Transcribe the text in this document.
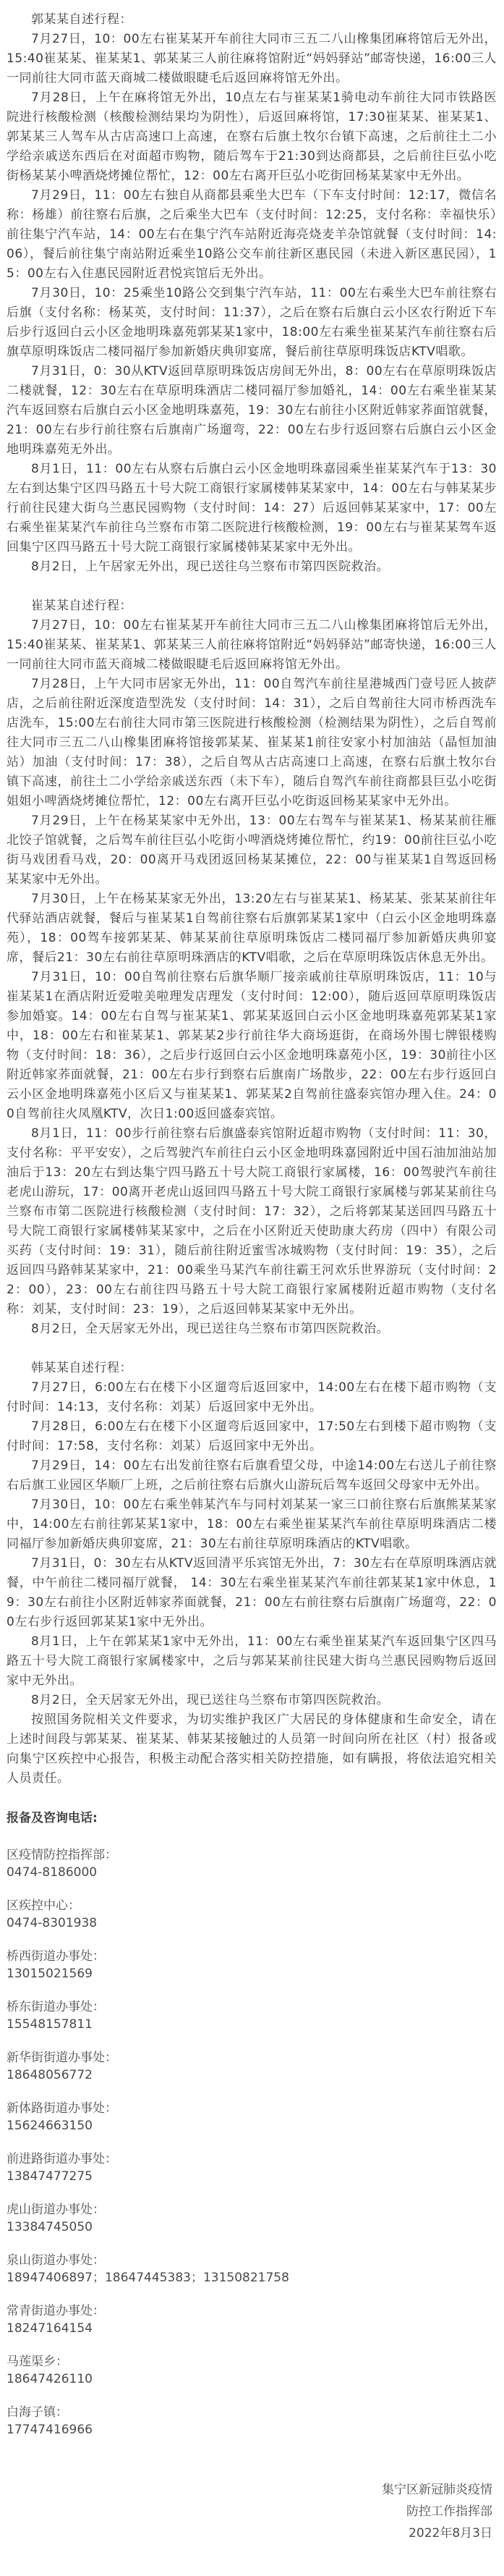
郭某某自述行程：

7月27日，10：00左右崔某某开车前往大同市三五二八山橡集团麻将馆后无外出，15:40崔某某、崔某某1、郭某某三人前往麻将馆附近“妈妈驿站”邮寄快递，16:00三人一同前往大同市蓝天商城二楼做眼睫毛后返回麻将馆无外出。

7月28日，上午在麻将馆无外出，10点左右与崔某某1骑电动车前往大同市铁路医院进行核酸检测（核酸检测结果均为阴性），后返回麻将馆，17:30崔某某、崔某某1、郭某某三人驾车从古店高速口上高速，在察右后旗土牧尔台镇下高速，之后前往土二小学给亲戚送东西后在对面超市购物，随后驾车于21:30到达商都县，之后前往巨弘小吃街杨某某小啤酒烧烤摊位帮忙，12：00左右离开巨弘小吃街回杨某某家中无外出。

7月29日，11：00左右独自从商都县乘坐大巴车（下车支付时间：12:17，微信名称：杨雄）前往察右后旗，之后乘坐大巴车（支付时间：12:25，支付名称：幸福快乐）前往集宁汽车站，14：00左右在集宁汽车站附近海亮烧麦羊杂馆就餐（支付时间：14:06），餐后前往集宁南站附近乘坐10路公交车前往新区惠民园（未进入新区惠民园），15：00左右入住惠民园附近君悦宾馆后无外出。

7月30日，10：25乘坐10路公交到集宁汽车站，11：00左右乘坐大巴车前往察右后旗（支付名称：杨某英，支付时间：11:37），之后在察右后旗白云小区农行附近下车后步行返回白云小区金地明珠嘉苑郭某某1家中，18:00左右乘坐崔某某汽车前往察右后旗草原明珠饭店二楼同福厅参加新婚庆典卯宴席，餐后前往草原明珠饭店KTV唱歌。

7月31日，0：30从KTV返回草原明珠饭店房间无外出，8：00左右在草原明珠饭店二楼就餐，12：30左右在草原明珠酒店二楼同福厅参加婚礼，14：00左右乘坐崔某某汽车返回察右后旗白云小区金地明珠嘉苑，19：30左右前往小区附近韩家荞面馆就餐，21：00左右步行前往察右后旗南广场遛弯，22：00左右步行返回察右后旗白云小区金地明珠嘉苑无外出。

8月1日，11：00左右从察右后旗白云小区金地明珠嘉园乘坐崔某某汽车于13：30左右到达集宁区四马路五十号大院工商银行家属楼韩某某家中，14：00左右与韩某某步行前往民建大街乌兰惠民园购物（支付时间：14：27）后返回韩某某家中，17：00左右乘坐崔某某汽车前往乌兰察布市第二医院进行核酸检测，19：00左右与崔某某驾车返回集宁区四马路五十号大院工商银行家属楼韩某某家中无外出。

8月2日，上午居家无外出，现已送往乌兰察布市第四医院救治。

崔某某自述行程：

7月27日，10：00左右崔某某开车前往大同市三五二八山橡集团麻将馆后无外出，15:40崔某某、崔某某1、郭某某三人前往麻将馆附近“妈妈驿站”邮寄快递，16:00三人一同前往大同市蓝天商城二楼做眼睫毛后返回麻将馆无外出。

7月28日，上午大同市居家无外出，11：00自驾汽车前往星港城西门壹号匠人披萨店，之后前往附近深度造型洗发（支付时间：14：31），之后自驾前往大同市桥西洗车店洗车，15:00左右前往大同市第三医院进行核酸检测（检测结果为阴性），之后自驾前往大同市三五二八山橡集团麻将馆接郭某某、崔某某1前往安家小村加油站（晶恒加油站）加油（支付时间：17：38），之后自驾从古店高速口上高速，在察右后旗土牧尔台镇下高速，前往土二小学给亲戚送东西（未下车），随后自驾汽车前往商都县巨弘小吃街姐姐小啤酒烧烤摊位帮忙，12：00左右离开巨弘小吃街返回杨某某家中无外出。

7月29日，上午在杨某某家中无外出，13：00左右驾车与崔某某1、杨某某前往雁北饺子馆就餐，之后驾车前往巨弘小吃街小啤酒烧烤摊位帮忙，约19：00前往巨弘小吃街马戏团看马戏，20：00离开马戏团返回杨某某摊位，22：00与崔某某1自驾返回杨某某家中无外出。

7月30日，上午在杨某某家无外出，13:20左右与崔某某1、杨某某、张某某前往年代驿站酒店就餐，餐后与崔某某1自驾前往察右后旗郭某某1家中（白云小区金地明珠嘉苑），18：00驾车接郭某某、韩某某前往草原明珠饭店二楼同福厅参加新婚庆典卯宴席，餐后21：30左右前往草原明珠酒店的KTV唱歌，之后在草原明珠饭店休息无外出。

7月31日，10：00自驾前往察右后旗华顺厂接亲戚前往草原明珠饭店，11：10与崔某某1在酒店附近爱啦美啦理发店理发（支付时间：12:00），随后返回草原明珠饭店参加婚宴。14：00左右自驾与崔某某1、郭某某返回白云小区金地明珠嘉苑郭某某1家中，18：00左右和崔某某1、郭某某2步行前往华大商场逛街，在商场外围七牌银楼购物（支付时间：18：36），之后步行返回白云小区金地明珠嘉苑小区，19：30前往小区附近韩家荞面就餐，21：00左右步行到察右后旗南广场散步，22：00左右步行返回白云小区金地明珠嘉苑小区后又与崔某某1、郭某某2自驾前往盛泰宾馆办理入住。24：00自驾前往火凤凰KTV，次日1:00返回盛泰宾馆。

8月1日，11：00步行前往察右后旗盛泰宾馆附近超市购物（支付时间：11：30，支付名称：平平安安），之后驾驶汽车前往白云小区金地明珠嘉园附近中国石油加油站加油后于13：20左右到达集宁四马路五十号大院工商银行家属楼，16：00驾驶汽车前往老虎山游玩，17：00离开老虎山返回四马路五十号大院工商银行家属楼与郭某某前往乌兰察布市第二医院进行核酸检测（支付时间：17：32），之后将郭某某送回四马路五十号大院工商银行家属楼韩某某家中，之后在小区附近天使助康大药房（四中）有限公司买药（支付时间：19：31），随后前往附近蜜雪冰城购物（支付时间：19：35），之后返回四马路韩某某家中，21：00乘坐马某汽车前往霸王河欢乐世界游玩（支付时间：22：00），23：00左右前往四马路五十号大院工商银行家属楼附近超市购物（支付名称：刘某，支付时间：23：19），之后返回韩某某家中无外出。

8月2日，全天居家无外出，现已送往乌兰察布市第四医院救治。

韩某某自述行程：

7月27日，6:00左右在楼下小区遛弯后返回家中，14:00左右在楼下超市购物（支付时间：14:13，支付名称：刘某）后返回家中无外出。

7月28日，6:00左右在楼下小区遛弯后返回家中，17:50左右到楼下超市购物（支付时间：17:58，支付名称：刘某）后返回家中无外出。

7月29日，14：00左右出发前往察右后旗看望父母，中途14:00左右送儿子前往察右后旗工业园区华顺厂上班，之后前往察右后旗火山游玩后驾车返回父母家中无外出。

7月30日，10：00左右乘坐韩某汽车与同村刘某某一家三口前往察右后旗熊某某家中，14:00左右前往郭某某1家中，18：00左右乘坐崔某某汽车前往草原明珠酒店二楼同福厅参加新婚庆典卯宴席，21：30左右前往草原明珠酒店的KTV唱歌。

7月31日，0：30左右从KTV返回清平乐宾馆无外出，7：30左右在草原明珠酒店就餐，中午前往二楼同福厅就餐， 14：30左右乘坐崔某某汽车前往郭某某1家中休息，19：30左右前往小区附近韩家荞面就餐，21：00左右前往察右后旗南广场遛弯，22：00左右步行返回郭某某1家中无外出。

8月1日，上午在郭某某1家中无外出，11：00左右乘坐崔某某汽车返回集宁区四马路五十号大院工商银行家属楼家中，之后与郭某某前往民建大街乌兰惠民园购物后返回家中无外出。

8月2日，全天居家无外出，现已送往乌兰察布市第四医院救治。

按照国务院相关文件要求，为切实维护我区广大居民的身体健康和生命安全，请在上述时间段与郭某某、崔某某、韩某某接触过的人员第一时间向所在社区（村）报备或向集宁区疾控中心报告，积极主动配合落实相关防控措施，如有瞒报，将依法追究相关人员责任。

报备及咨询电话:
区疫情防控指挥部：
0474-8186000
区疾控中心：
0474-8301938
桥西街道办事处：
13015021569
桥东街道办事处：
15548157811
新华街街道办事处：
18648056772
新体路街道办事处：
15624663150
前进路街道办事处：
13847477275
虎山街道办事处：
13384745050
泉山街道办事处：
18947406897；18647445383；13150821758
常青街道办事处：
18247164154
马莲渠乡：
18647426110
白海子镇：
17747416966
集宁区新冠肺炎疫情
防控工作指挥部
2022年8月3日
